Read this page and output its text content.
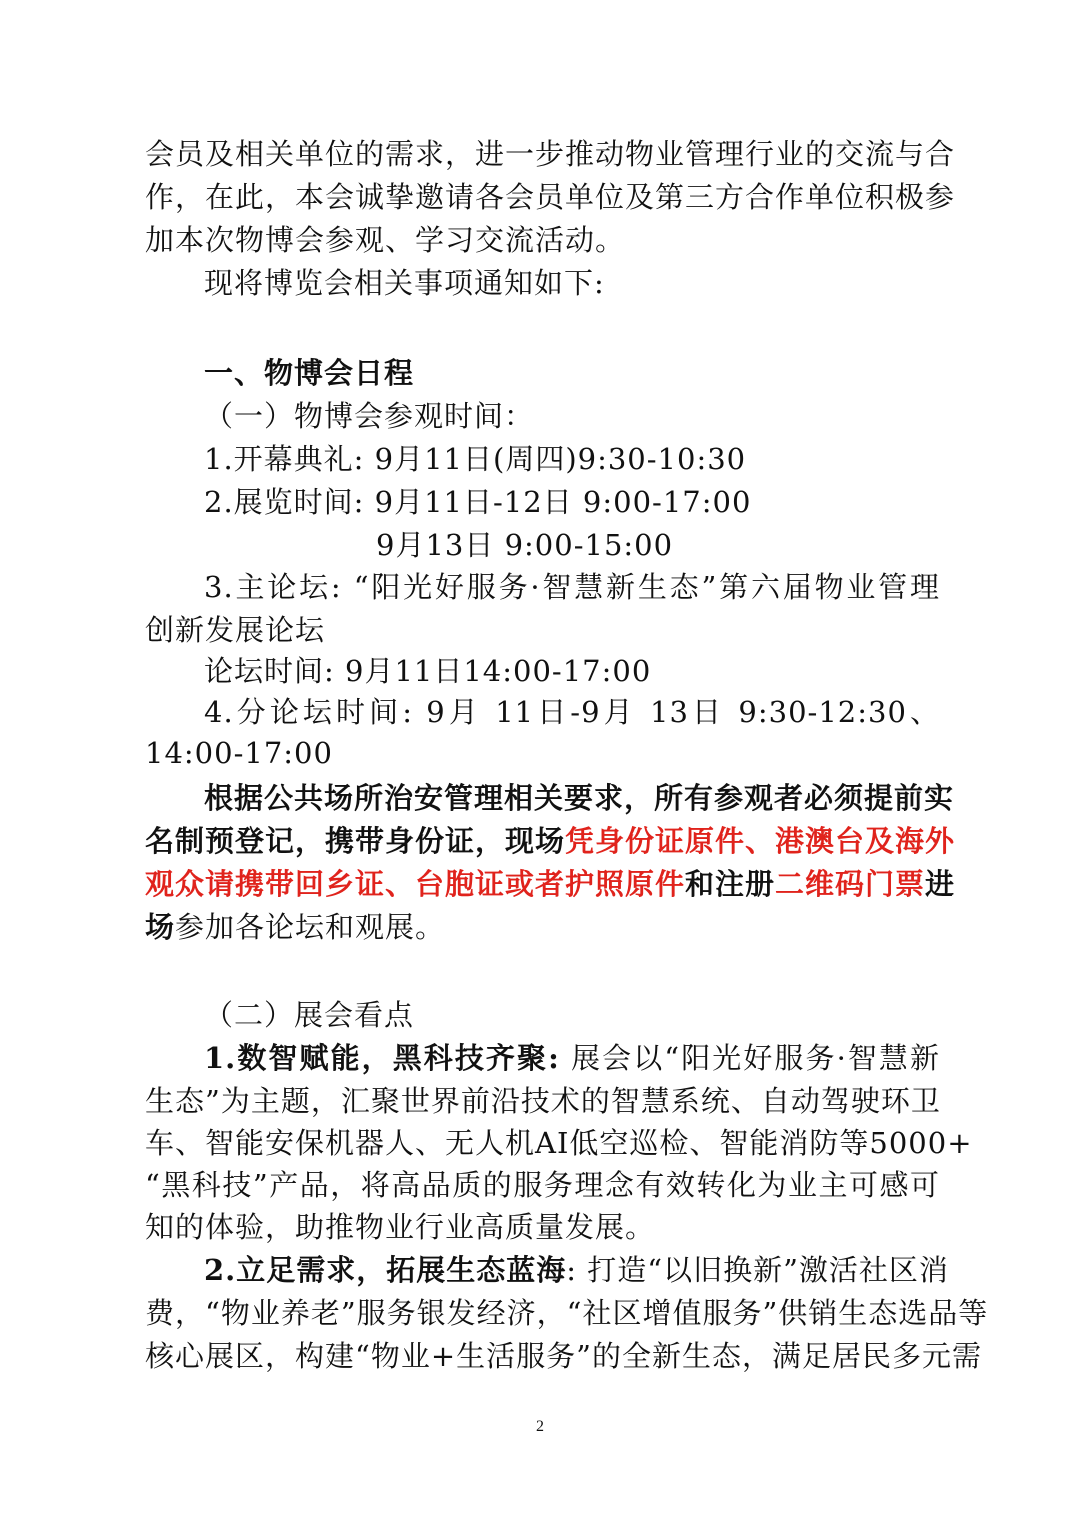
会员及相关单位的需求，进一步推动物业管理行业的交流与合
作，在此，本会诚挚邀请各会员单位及第三方合作单位积极参
加本次物博会参观、学习交流活动。
现将博览会相关事项通知如下:
一、物博会日程
（一）物博会参观时间：
1.开幕典礼: 9月11日(周四)9:30-10:30
2.展览时间: 9月11日-12日 9:00-17:00
9月13日 9:00-15:00
3.主论坛: “阳光好服务·智慧新生态”第六届物业管理
创新发展论坛
论坛时间: 9月11日14:00-17:00
4.分论坛时间: 9月 11日-9月 13日 9:30-12:30、
14:00-17:00
根据公共场所治安管理相关要求，所有参观者必须提前实
名制预登记，携带身份证，现场凭身份证原件、港澳台及海外
观众请携带回乡证、台胞证或者护照原件和注册二维码门票进
场参加各论坛和观展。
（二）展会看点
1.数智赋能，黑科技齐聚: 展会以“阳光好服务·智慧新
生态”为主题，汇聚世界前沿技术的智慧系统、自动驾驶环卫
车、智能安保机器人、无人机AI低空巡检、智能消防等5000+
“黑科技”产品，将高品质的服务理念有效转化为业主可感可
知的体验，助推物业行业高质量发展。
2.立足需求，拓展生态蓝海: 打造“以旧换新”激活社区消
费，“物业养老”服务银发经济，“社区增值服务”供销生态选品等
核心展区，构建“物业+生活服务”的全新生态，满足居民多元需
2
